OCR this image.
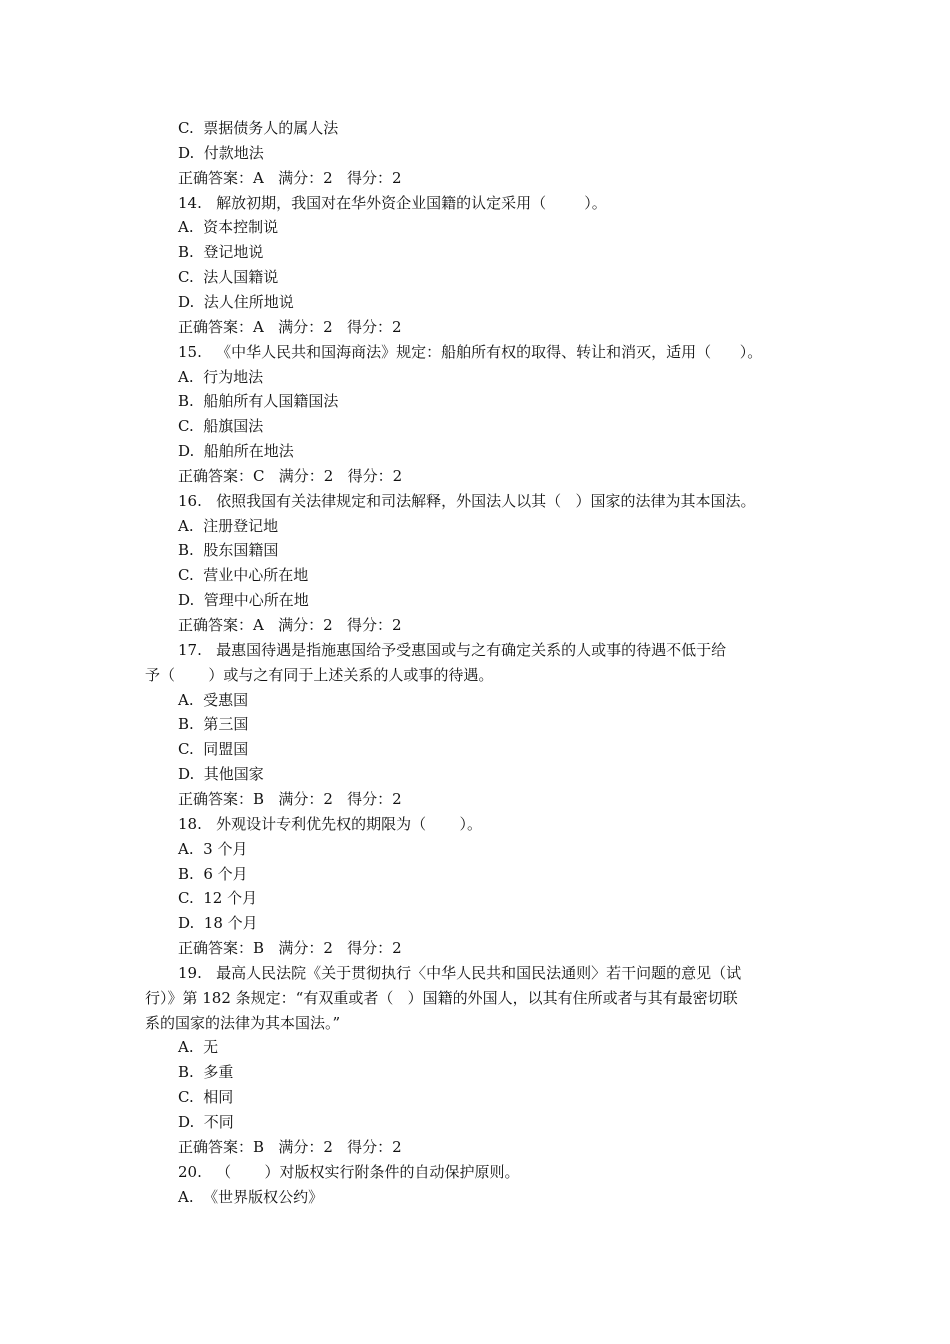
C.  票据债务人的属人法
D.  付款地法
正确答案：A   满分：2   得分：2
14.   解放初期，我国对在华外资企业国籍的认定采用（        ）。
A.  资本控制说
B.  登记地说
C.  法人国籍说
D.  法人住所地说
正确答案：A   满分：2   得分：2
15.   《中华人民共和国海商法》规定：船舶所有权的取得、转让和消灭，适用（      ）。
A.  行为地法
B.  船舶所有人国籍国法
C.  船旗国法
D.  船舶所在地法
正确答案：C   满分：2   得分：2
16.   依照我国有关法律规定和司法解释，外国法人以其（   ）国家的法律为其本国法。
A.  注册登记地
B.  股东国籍国
C.  营业中心所在地
D.  管理中心所在地
正确答案：A   满分：2   得分：2
17.   最惠国待遇是指施惠国给予受惠国或与之有确定关系的人或事的待遇不低于给
予（       ）或与之有同于上述关系的人或事的待遇。
A.  受惠国
B.  第三国
C.  同盟国
D.  其他国家
正确答案：B   满分：2   得分：2
18.   外观设计专利优先权的期限为（       ）。
A.  3 个月
B.  6 个月
C.  12 个月
D.  18 个月
正确答案：B   满分：2   得分：2
19.   最高人民法院《关于贯彻执行〈中华人民共和国民法通则〉若干问题的意见（试
行）》第 182 条规定：“有双重或者（   ）国籍的外国人，以其有住所或者与其有最密切联
系的国家的法律为其本国法。”
A.  无
B.  多重
C.  相同
D.  不同
正确答案：B   满分：2   得分：2
20.   （       ）对版权实行附条件的自动保护原则。
A.  《世界版权公约》
